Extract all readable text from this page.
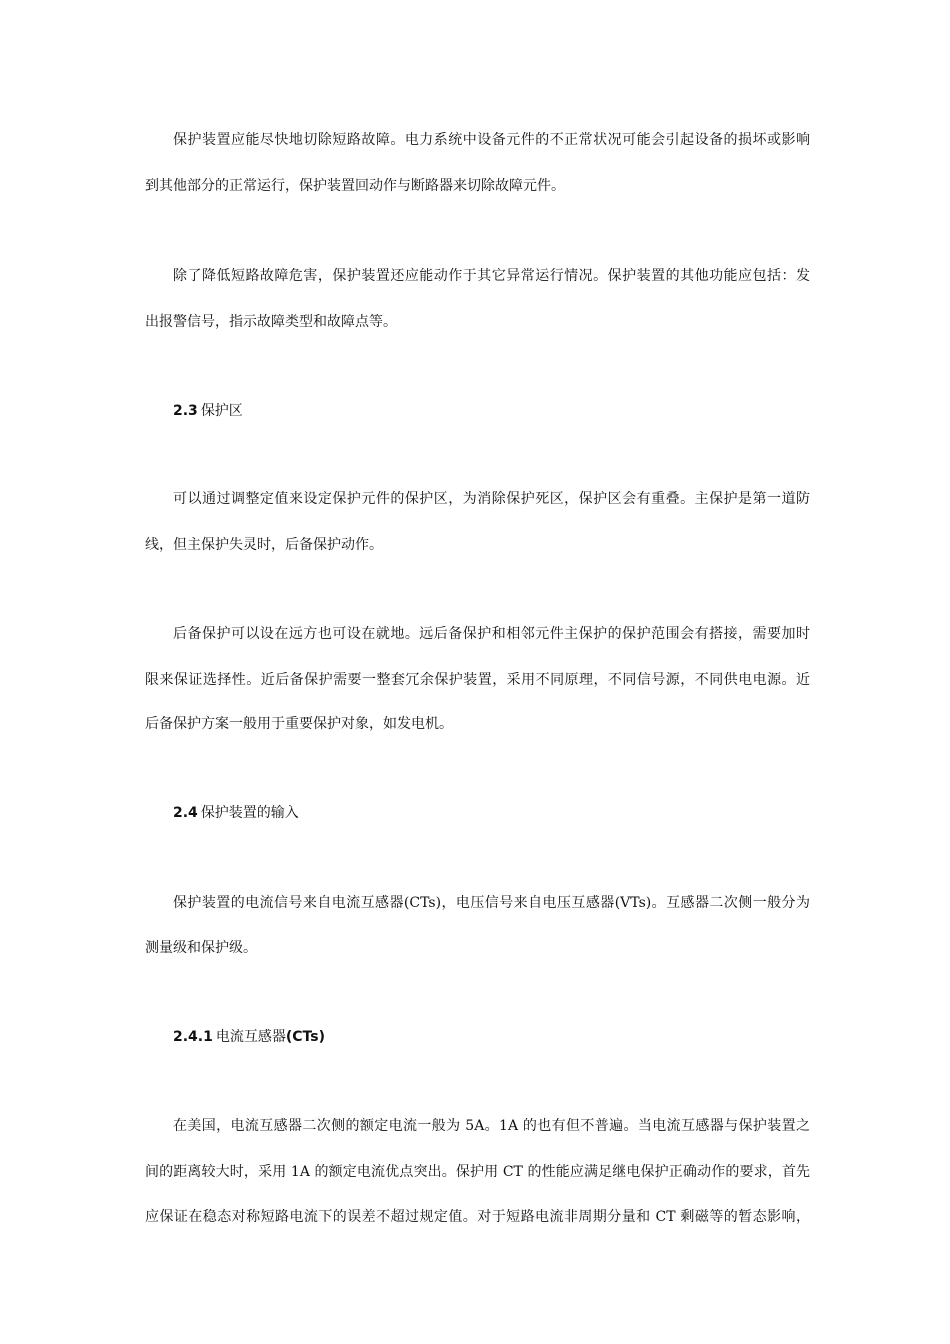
保护装置应能尽快地切除短路故障。电力系统中设备元件的不正常状况可能会引起设备的损坏或影响
到其他部分的正常运行，保护装置回动作与断路器来切除故障元件。
除了降低短路故障危害，保护装置还应能动作于其它异常运行情况。保护装置的其他功能应包括：发
出报警信号，指示故障类型和故障点等。
2.3 保护区
可以通过调整定值来设定保护元件的保护区，为消除保护死区，保护区会有重叠。主保护是第一道防
线，但主保护失灵时，后备保护动作。
后备保护可以设在远方也可设在就地。远后备保护和相邻元件主保护的保护范围会有搭接，需要加时
限来保证选择性。近后备保护需要一整套冗余保护装置，采用不同原理，不同信号源，不同供电电源。近
后备保护方案一般用于重要保护对象，如发电机。
2.4 保护装置的输入
保护装置的电流信号来自电流互感器(CTs)，电压信号来自电压互感器(VTs)。互感器二次侧一般分为
测量级和保护级。
2.4.1 电流互感器(CTs)
在美国，电流互感器二次侧的额定电流一般为 5A。1A 的也有但不普遍。当电流互感器与保护装置之
间的距离较大时，采用 1A 的额定电流优点突出。保护用 CT 的性能应满足继电保护正确动作的要求，首先
应保证在稳态对称短路电流下的误差不超过规定值。对于短路电流非周期分量和 CT 剩磁等的暂态影响，
